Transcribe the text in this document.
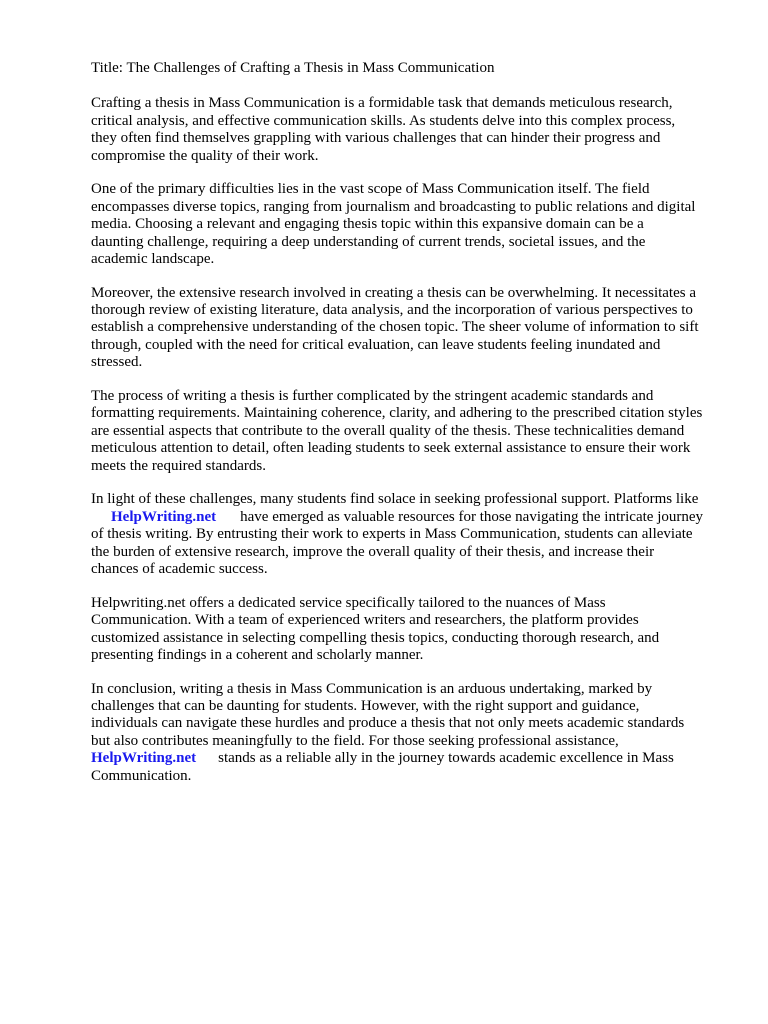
Title: The Challenges of Crafting a Thesis in Mass Communication
Crafting a thesis in Mass Communication is a formidable task that demands meticulous research,
critical analysis, and effective communication skills. As students delve into this complex process,
they often find themselves grappling with various challenges that can hinder their progress and
compromise the quality of their work.
One of the primary difficulties lies in the vast scope of Mass Communication itself. The field
encompasses diverse topics, ranging from journalism and broadcasting to public relations and digital
media. Choosing a relevant and engaging thesis topic within this expansive domain can be a
daunting challenge, requiring a deep understanding of current trends, societal issues, and the
academic landscape.
Moreover, the extensive research involved in creating a thesis can be overwhelming. It necessitates a
thorough review of existing literature, data analysis, and the incorporation of various perspectives to
establish a comprehensive understanding of the chosen topic. The sheer volume of information to sift
through, coupled with the need for critical evaluation, can leave students feeling inundated and
stressed.
The process of writing a thesis is further complicated by the stringent academic standards and
formatting requirements. Maintaining coherence, clarity, and adhering to the prescribed citation styles
are essential aspects that contribute to the overall quality of the thesis. These technicalities demand
meticulous attention to detail, often leading students to seek external assistance to ensure their work
meets the required standards.
In light of these challenges, many students find solace in seeking professional support. Platforms like
HelpWriting.net have emerged as valuable resources for those navigating the intricate journey
of thesis writing. By entrusting their work to experts in Mass Communication, students can alleviate
the burden of extensive research, improve the overall quality of their thesis, and increase their
chances of academic success.
Helpwriting.net offers a dedicated service specifically tailored to the nuances of Mass
Communication. With a team of experienced writers and researchers, the platform provides
customized assistance in selecting compelling thesis topics, conducting thorough research, and
presenting findings in a coherent and scholarly manner.
In conclusion, writing a thesis in Mass Communication is an arduous undertaking, marked by
challenges that can be daunting for students. However, with the right support and guidance,
individuals can navigate these hurdles and produce a thesis that not only meets academic standards
but also contributes meaningfully to the field. For those seeking professional assistance,
HelpWriting.net stands as a reliable ally in the journey towards academic excellence in Mass
Communication.
